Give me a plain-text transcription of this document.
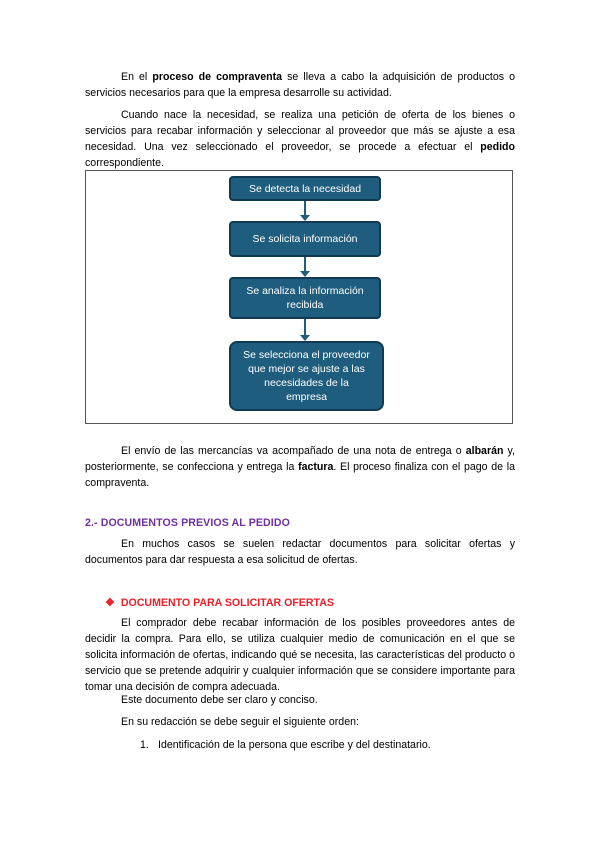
En el proceso de compraventa se lleva a cabo la adquisición de productos o servicios necesarios para que la empresa desarrolle su actividad.
Cuando nace la necesidad, se realiza una petición de oferta de los bienes o servicios para recabar información y seleccionar al proveedor que más se ajuste a esa necesidad. Una vez seleccionado el proveedor, se procede a efectuar el pedido correspondiente.
Se detecta la necesidad
Se solicita información
Se analiza la información recibida
Se selecciona el proveedor que mejor se ajuste a las necesidades de la empresa
El envío de las mercancías va acompañado de una nota de entrega o albarán y, posteriormente, se confecciona y entrega la factura. El proceso finaliza con el pago de la compraventa.
2.- DOCUMENTOS PREVIOS AL PEDIDO
En muchos casos se suelen redactar documentos para solicitar ofertas y documentos para dar respuesta a esa solicitud de ofertas.
❖ DOCUMENTO PARA SOLICITAR OFERTAS
El comprador debe recabar información de los posibles proveedores antes de decidir la compra. Para ello, se utiliza cualquier medio de comunicación en el que se solicita información de ofertas, indicando qué se necesita, las características del producto o servicio que se pretende adquirir y cualquier información que se considere importante para tomar una decisión de compra adecuada.
Este documento debe ser claro y conciso.
En su redacción se debe seguir el siguiente orden:
1. Identificación de la persona que escribe y del destinatario.
